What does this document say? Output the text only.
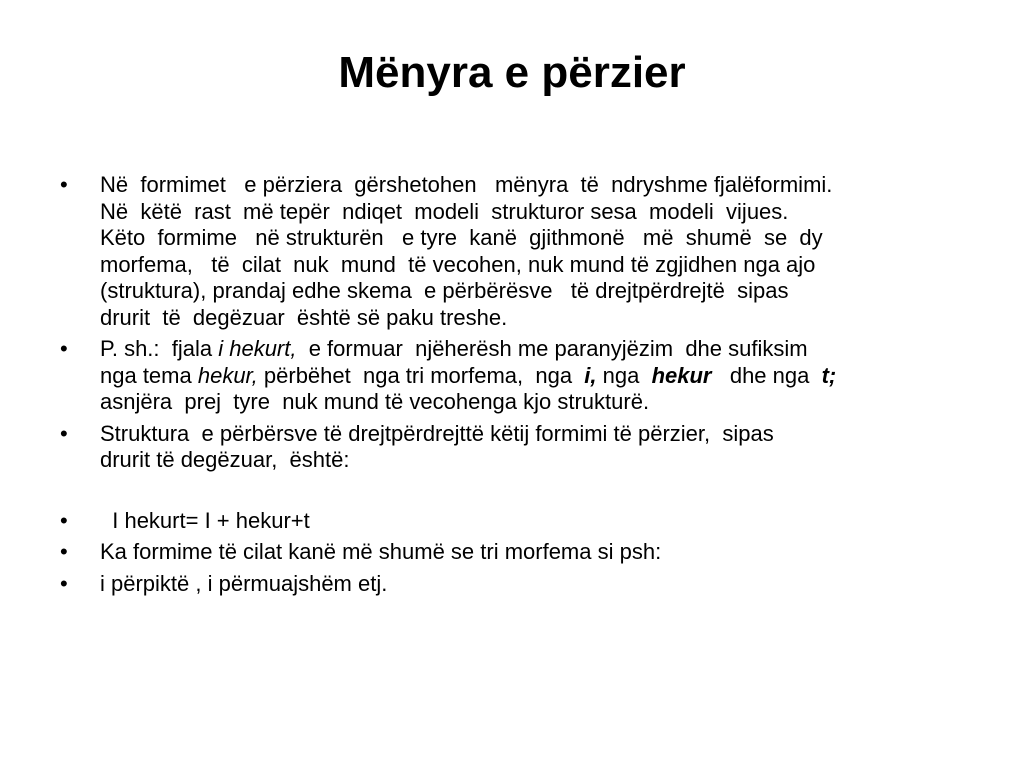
Mënyra e përzier
•	Në  formimet   e përziera  gërshetohen   mënyra  të  ndryshme fjalëformimi.
Në  këtë  rast  më tepër  ndiqet  modeli  strukturor sesa  modeli  vijues.
Këto  formime   në strukturën   e tyre  kanë  gjithmonë   më  shumë  se  dy
morfema,   të  cilat  nuk  mund  të vecohen, nuk mund të zgjidhen nga ajo
(struktura), prandaj edhe skema  e përbërësve   të drejtpërdrejtë  sipas
drurit  të  degëzuar  është së paku treshe.
•	P. sh.:  fjala i hekurt,  e formuar  njëherësh me paranyjëzim  dhe sufiksim
nga tema hekur, përbëhet  nga tri morfema,  nga  i, nga  hekur   dhe nga  t;
asnjëra  prej  tyre  nuk mund të vecohenga kjo strukturë.
•	Struktura  e përbërsve të drejtpërdrejttë këtij formimi të përzier,  sipas
drurit të degëzuar,  është:
•	I hekurt= I + hekur+t
•	Ka formime të cilat kanë më shumë se tri morfema si psh:
•	i përpiktë , i përmuajshëm etj.
